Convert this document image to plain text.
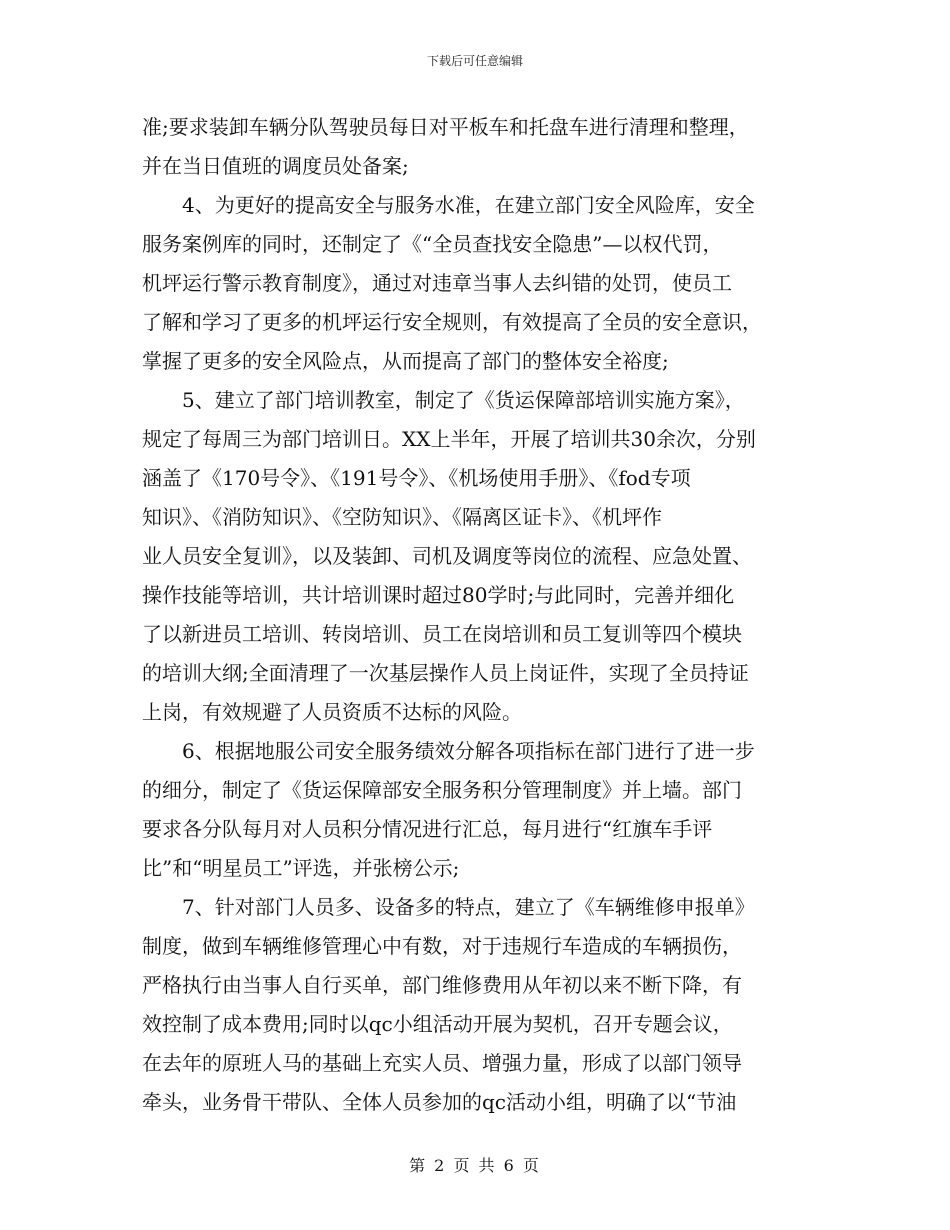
下载后可任意编辑
准;要求装卸车辆分队驾驶员每日对平板车和托盘车进行清理和整理，
并在当日值班的调度员处备案;
4、为更好的提高安全与服务水准，在建立部门安全风险库，安全
服务案例库的同时，还制定了《“全员查找安全隐患”—以权代罚，
机坪运行警示教育制度》，通过对违章当事人去纠错的处罚，使员工
了解和学习了更多的机坪运行安全规则，有效提高了全员的安全意识，
掌握了更多的安全风险点，从而提高了部门的整体安全裕度;
5、建立了部门培训教室，制定了《货运保障部培训实施方案》，
规定了每周三为部门培训日。XX上半年，开展了培训共30余次，分别
涵盖了《170号令》、《191号令》、《机场使用手册》、《fod专项
知识》、《消防知识》、《空防知识》、《隔离区证卡》、《机坪作
业人员安全复训》，以及装卸、司机及调度等岗位的流程、应急处置、
操作技能等培训，共计培训课时超过80学时;与此同时，完善并细化
了以新进员工培训、转岗培训、员工在岗培训和员工复训等四个模块
的培训大纲;全面清理了一次基层操作人员上岗证件，实现了全员持证
上岗，有效规避了人员资质不达标的风险。
6、根据地服公司安全服务绩效分解各项指标在部门进行了进一步
的细分，制定了《货运保障部安全服务积分管理制度》并上墙。部门
要求各分队每月对人员积分情况进行汇总，每月进行“红旗车手评
比”和“明星员工”评选，并张榜公示;
7、针对部门人员多、设备多的特点，建立了《车辆维修申报单》
制度，做到车辆维修管理心中有数，对于违规行车造成的车辆损伤，
严格执行由当事人自行买单，部门维修费用从年初以来不断下降，有
效控制了成本费用;同时以qc小组活动开展为契机，召开专题会议，
在去年的原班人马的基础上充实人员、增强力量，形成了以部门领导
牵头，业务骨干带队、全体人员参加的qc活动小组，明确了以“节油
第 2 页 共 6 页
